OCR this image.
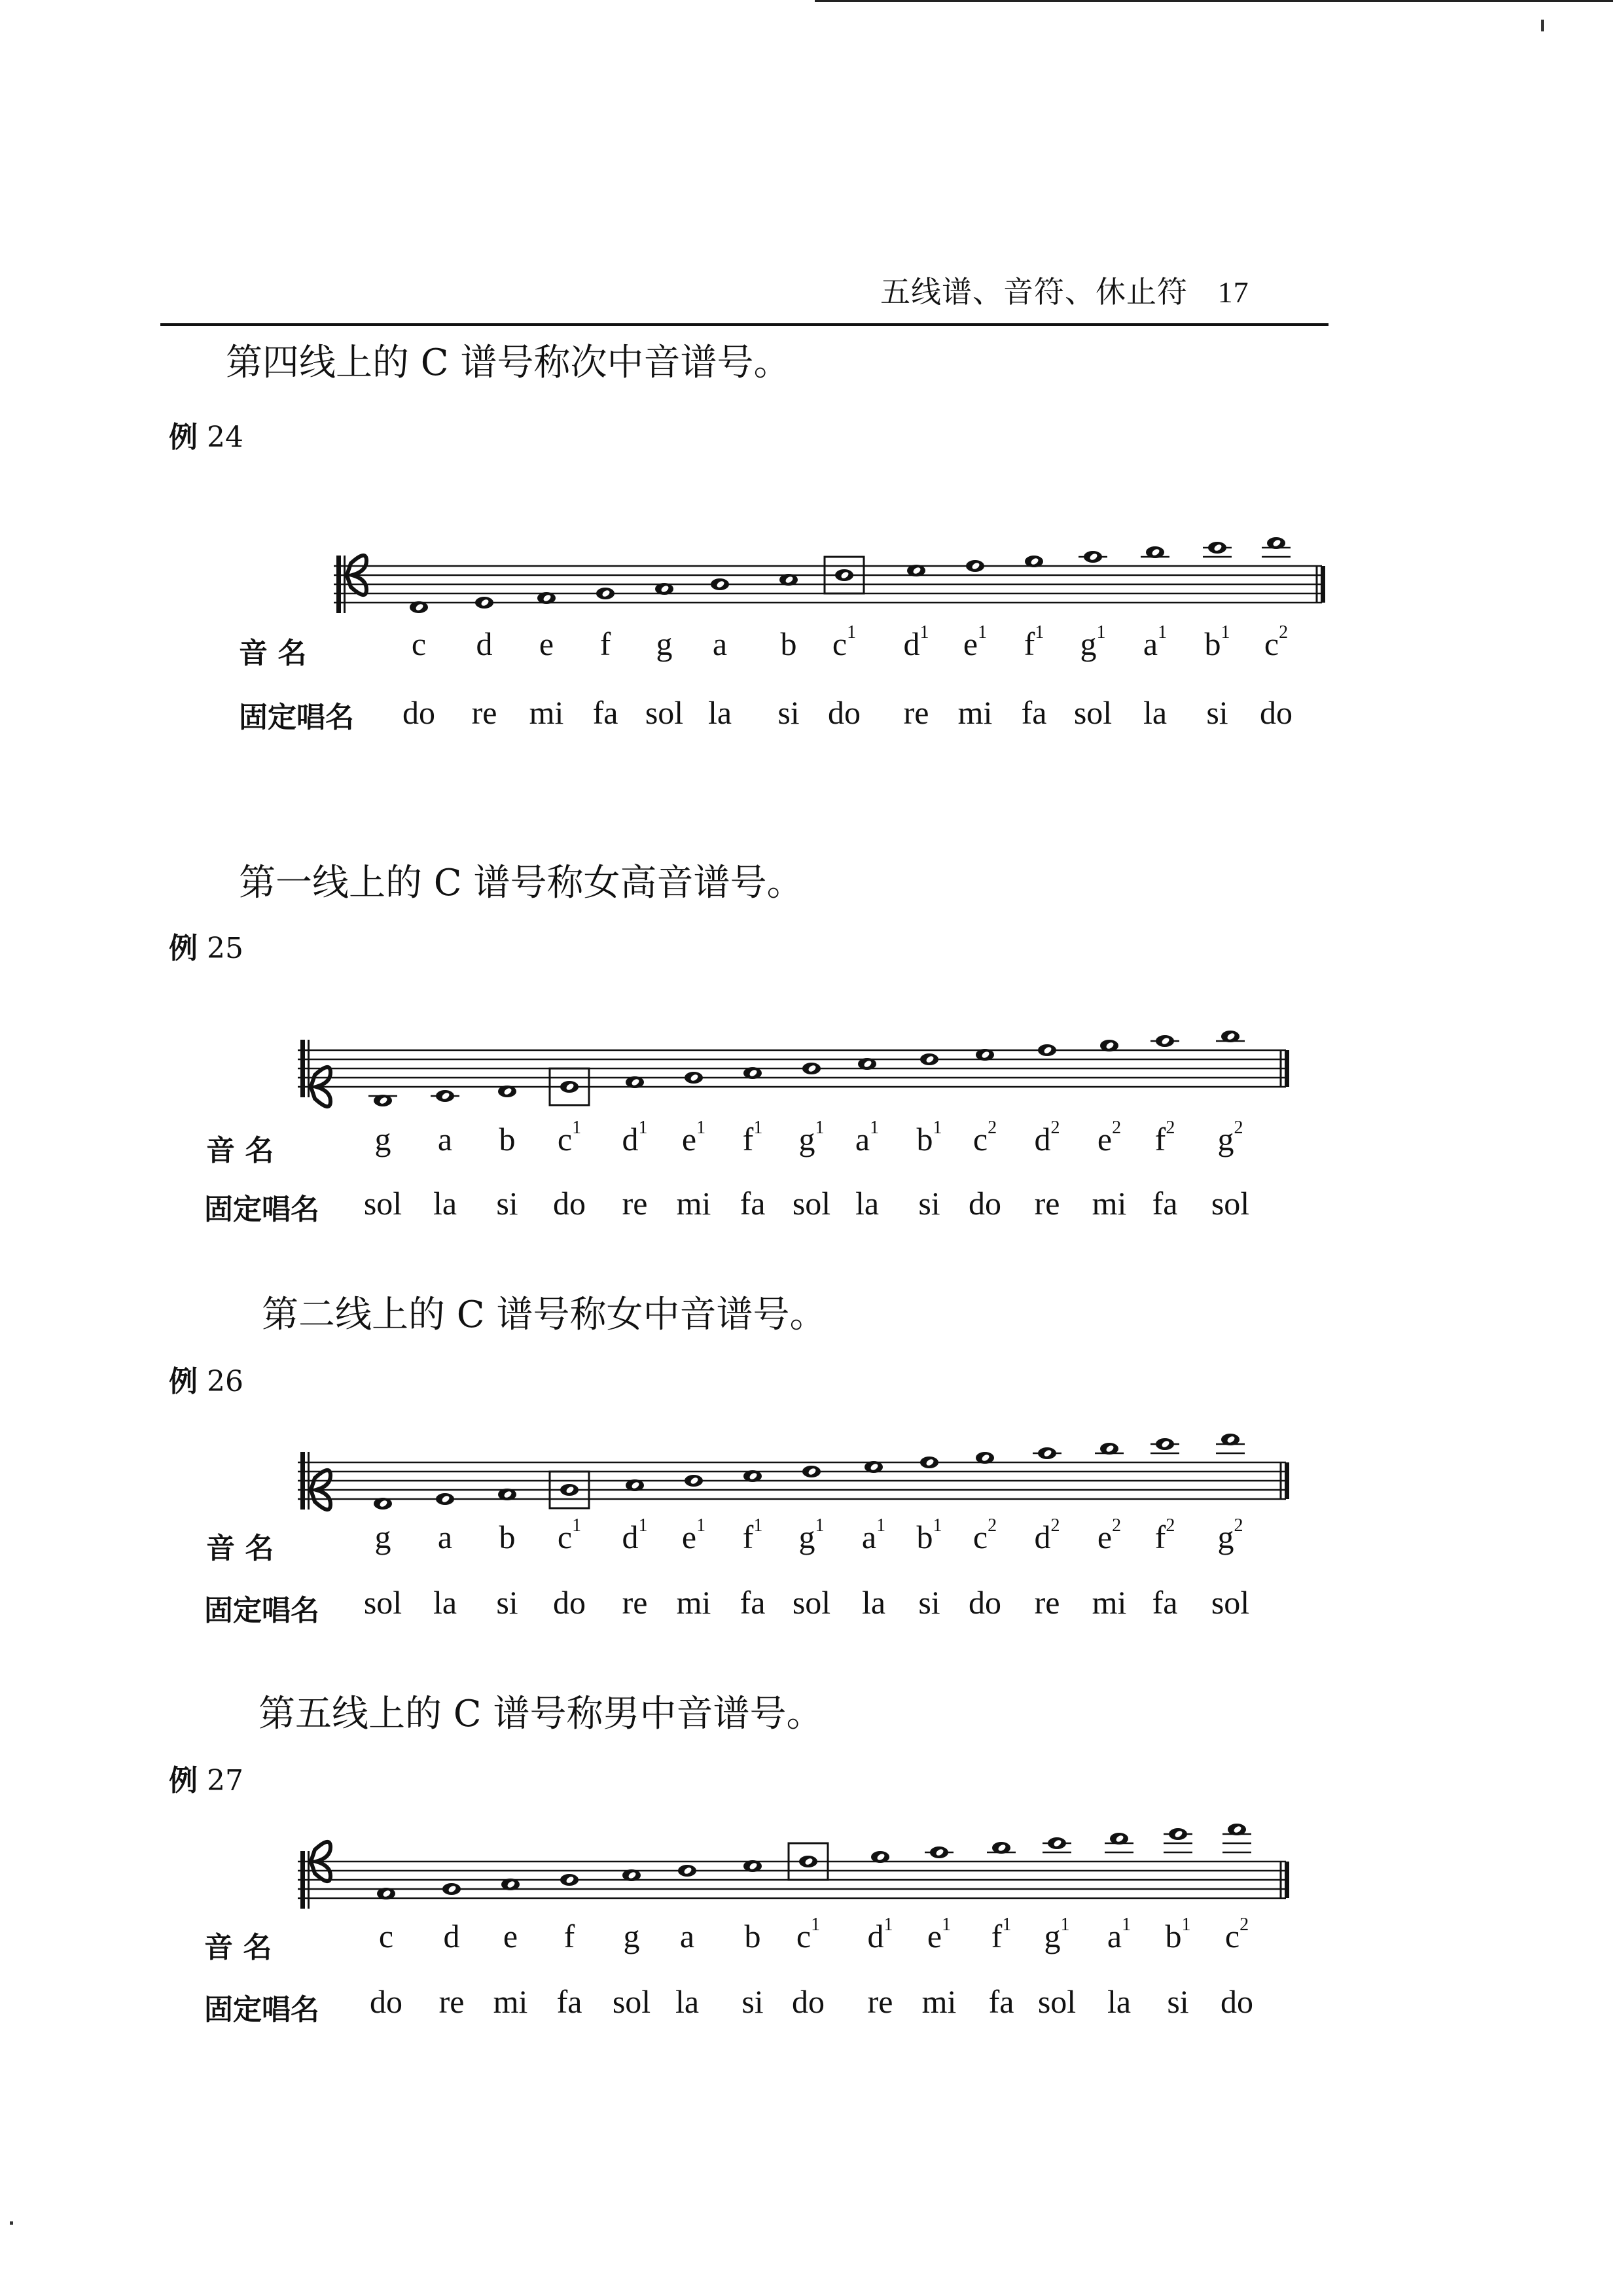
五线谱、音符、休止符 17
第四线上的 C 谱号称次中音谱号。
例 24
音 名	c d e f g a b $c^1$ $d^1$ $e^1$ $f^1$ $g^1$ $a^1$ $b^1$ $c^2$
固定唱名 do re mi fa sol la si do re mi fa sol la si do
第一线上的 C 谱号称女高音谱号。
例 25
音 名	g a b $c^1$ $d^1$ $e^1$ $f^1$ $g^1$ $a^1$ $b^1$ $c^2$ $d^2$ $e^2$ $f^2$ $g^2$
固定唱名 sol la si do re mi fa sol la si do re mi fa sol
第二线上的 C 谱号称女中音谱号。
例 26
音 名	g a b $c^1$ $d^1$ $e^1$ $f^1$ $g^1$ $a^1$ $b^1$ $c^2$ $d^2$ $e^2$ $f^2$ $g^2$
固定唱名 sol la si do re mi fa sol la si do re mi fa sol
第五线上的 C 谱号称男中音谱号。
例 27
音 名	c d e f g a b $c^1$ $d^1$ $e^1$ $f^1$ $g^1$ $a^1$ $b^1$ $c^2$
固定唱名 do re mi fa sol la si do re mi fa sol la si do
